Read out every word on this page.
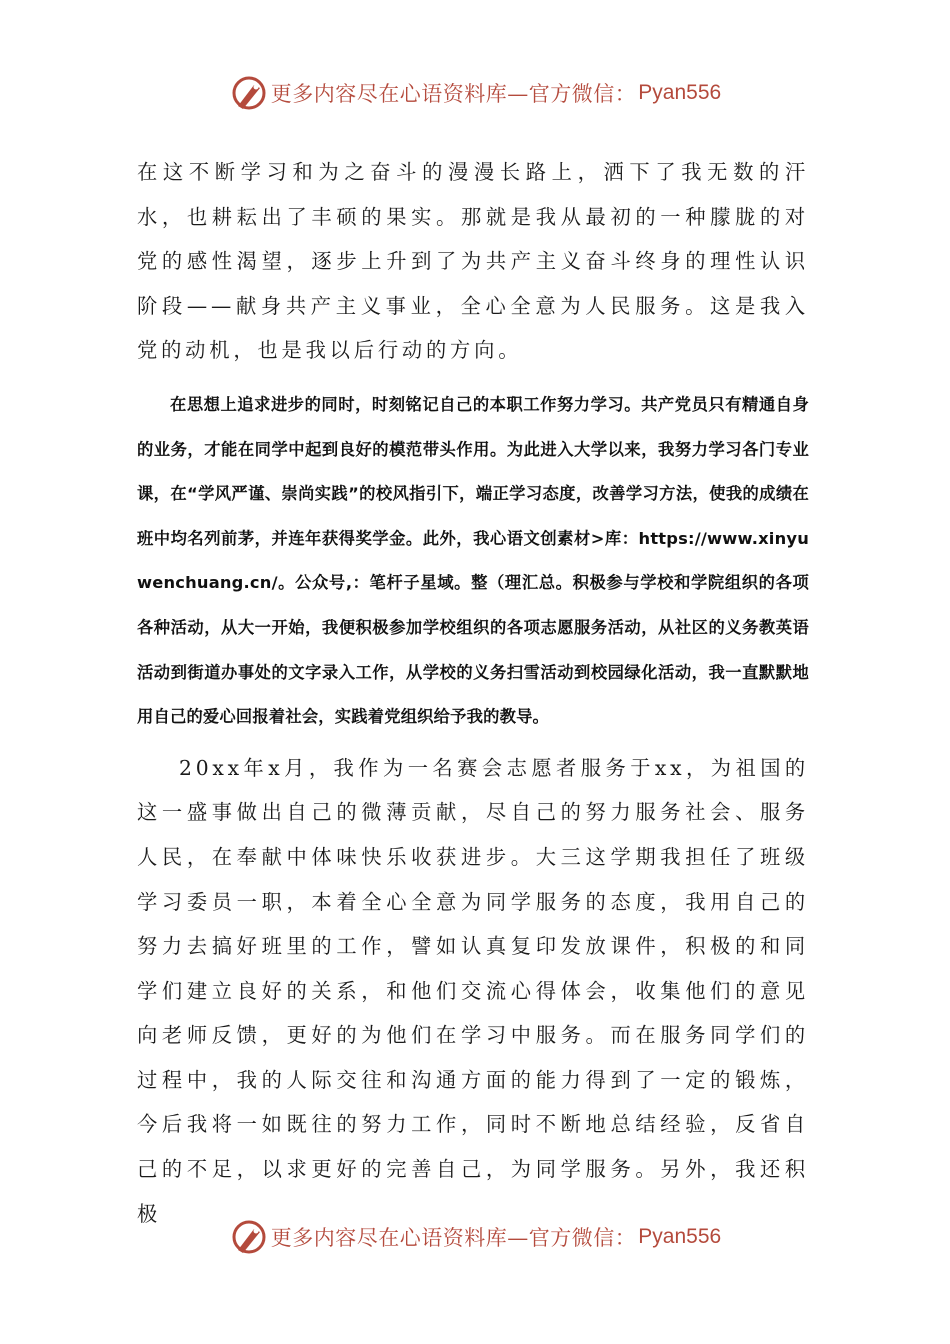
更多内容尽在心语资料库—官方微信： Pyan556

在这不断学习和为之奋斗的漫漫长路上，洒下了我无数的汗水，也耕耘出了丰硕的果实。那就是我从最初的一种朦胧的对党的感性渴望，逐步上升到了为共产主义奋斗终身的理性认识阶段——献身共产主义事业，全心全意为人民服务。这是我入党的动机，也是我以后行动的方向。

在思想上追求进步的同时，时刻铭记自己的本职工作努力学习。共产党员只有精通自身的业务，才能在同学中起到良好的模范带头作用。为此进入大学以来，我努力学习各门专业课，在“学风严谨、崇尚实践”的校风指引下，端正学习态度，改善学习方法，使我的成绩在班中均名列前茅，并连年获得奖学金。此外，我心语文创素材>库：https://www.xinyuwenchuang.cn/。公众号,：笔杆子星域。整（理汇总。积极参与学校和学院组织的各项各种活动，从大一开始，我便积极参加学校组织的各项志愿服务活动，从社区的义务教英语活动到街道办事处的文字录入工作，从学校的义务扫雪活动到校园绿化活动，我一直默默地用自己的爱心回报着社会，实践着党组织给予我的教导。

20xx年x月，我作为一名赛会志愿者服务于xx，为祖国的这一盛事做出自己的微薄贡献，尽自己的努力服务社会、服务人民，在奉献中体味快乐收获进步。大三这学期我担任了班级学习委员一职，本着全心全意为同学服务的态度，我用自己的努力去搞好班里的工作，譬如认真复印发放课件，积极的和同学们建立良好的关系，和他们交流心得体会，收集他们的意见向老师反馈，更好的为他们在学习中服务。而在服务同学们的过程中，我的人际交往和沟通方面的能力得到了一定的锻炼，今后我将一如既往的努力工作，同时不断地总结经验，反省自己的不足，以求更好的完善自己，为同学服务。另外，我还积极

更多内容尽在心语资料库—官方微信： Pyan556
